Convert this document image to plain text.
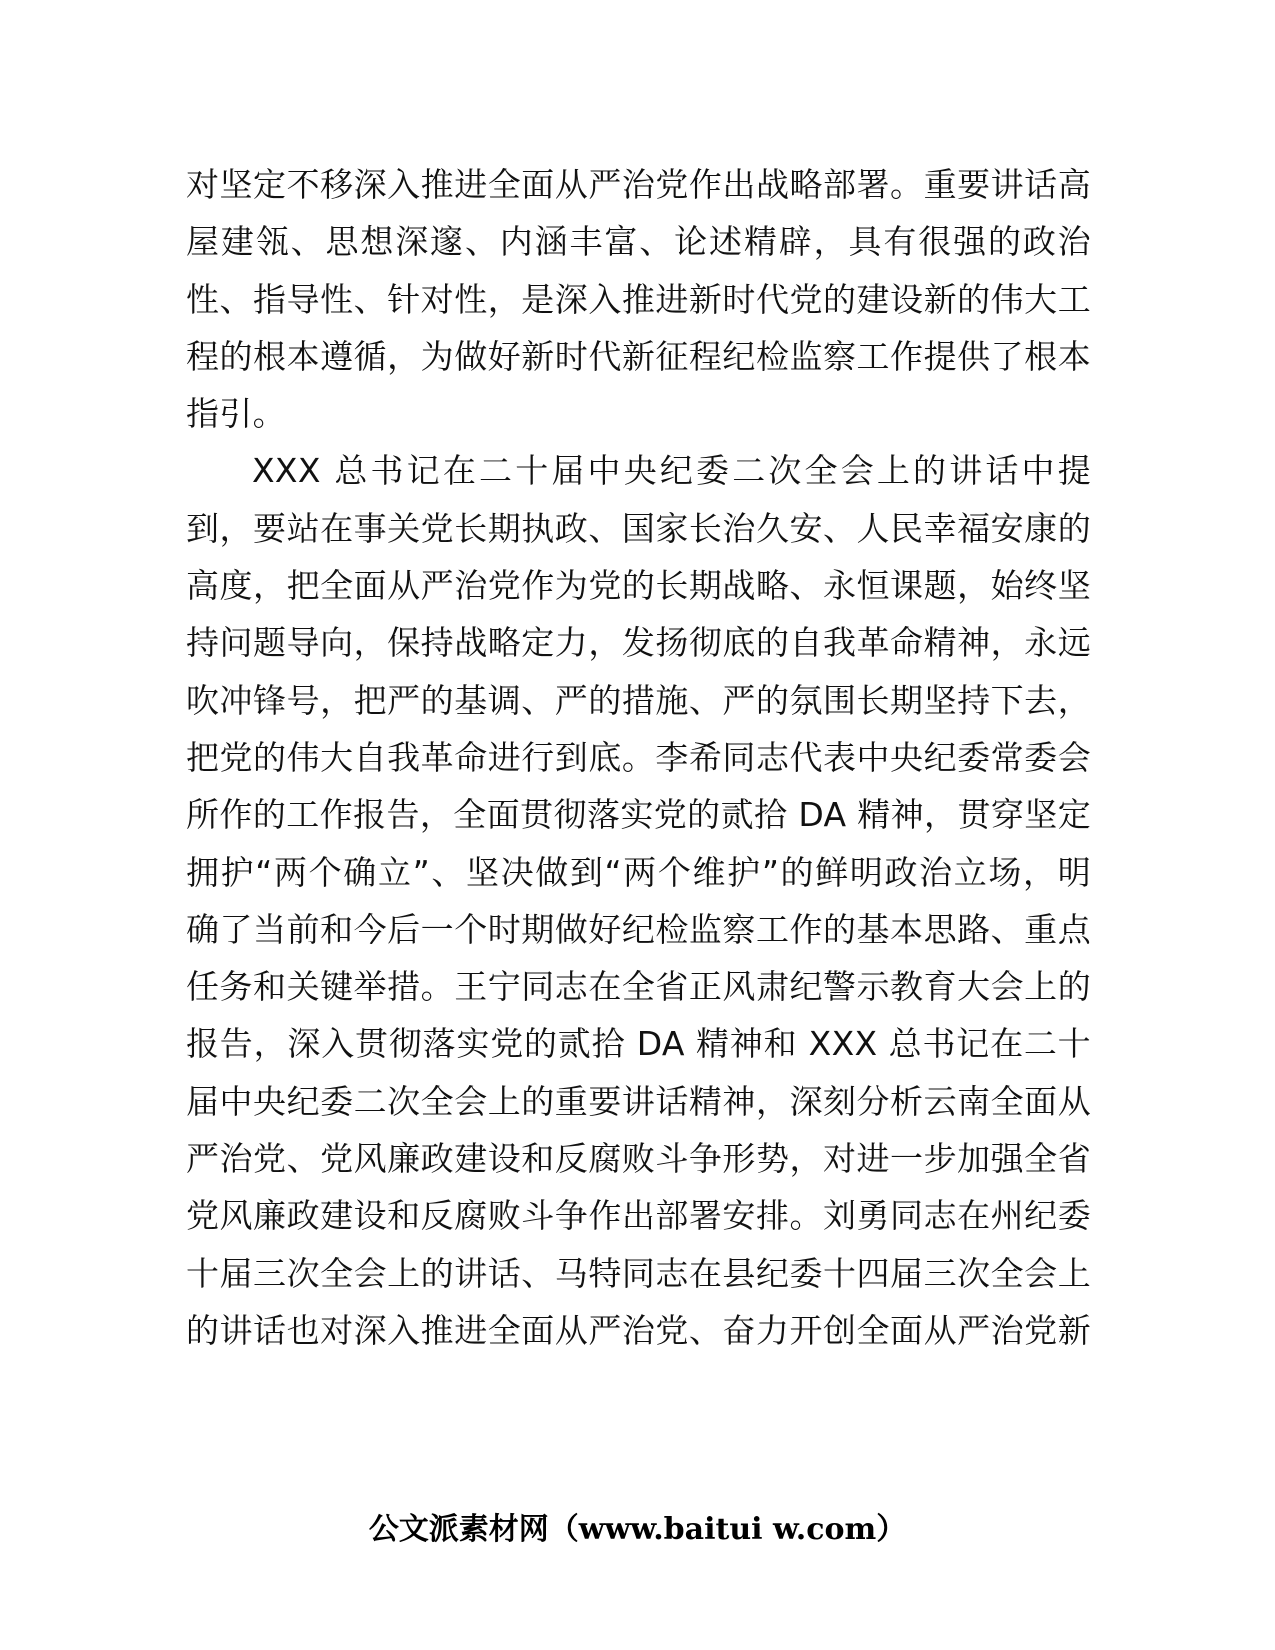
对坚定不移深入推进全面从严治党作出战略部署。重要讲话高
屋建瓴、思想深邃、内涵丰富、论述精辟，具有很强的政治
性、指导性、针对性，是深入推进新时代党的建设新的伟大工
程的根本遵循，为做好新时代新征程纪检监察工作提供了根本
指引。
XXX 总书记在二十届中央纪委二次全会上的讲话中提
到，要站在事关党长期执政、国家长治久安、人民幸福安康的
高度，把全面从严治党作为党的长期战略、永恒课题，始终坚
持问题导向，保持战略定力，发扬彻底的自我革命精神，永远
吹冲锋号，把严的基调、严的措施、严的氛围长期坚持下去，
把党的伟大自我革命进行到底。李希同志代表中央纪委常委会
所作的工作报告，全面贯彻落实党的贰拾 DA 精神，贯穿坚定
拥护“两个确立”、坚决做到“两个维护”的鲜明政治立场，明
确了当前和今后一个时期做好纪检监察工作的基本思路、重点
任务和关键举措。王宁同志在全省正风肃纪警示教育大会上的
报告，深入贯彻落实党的贰拾 DA 精神和 XXX 总书记在二十
届中央纪委二次全会上的重要讲话精神，深刻分析云南全面从
严治党、党风廉政建设和反腐败斗争形势，对进一步加强全省
党风廉政建设和反腐败斗争作出部署安排。刘勇同志在州纪委
十届三次全会上的讲话、马特同志在县纪委十四届三次全会上
的讲话也对深入推进全面从严治党、奋力开创全面从严治党新
公文派素材网（www.baitui w.com）
